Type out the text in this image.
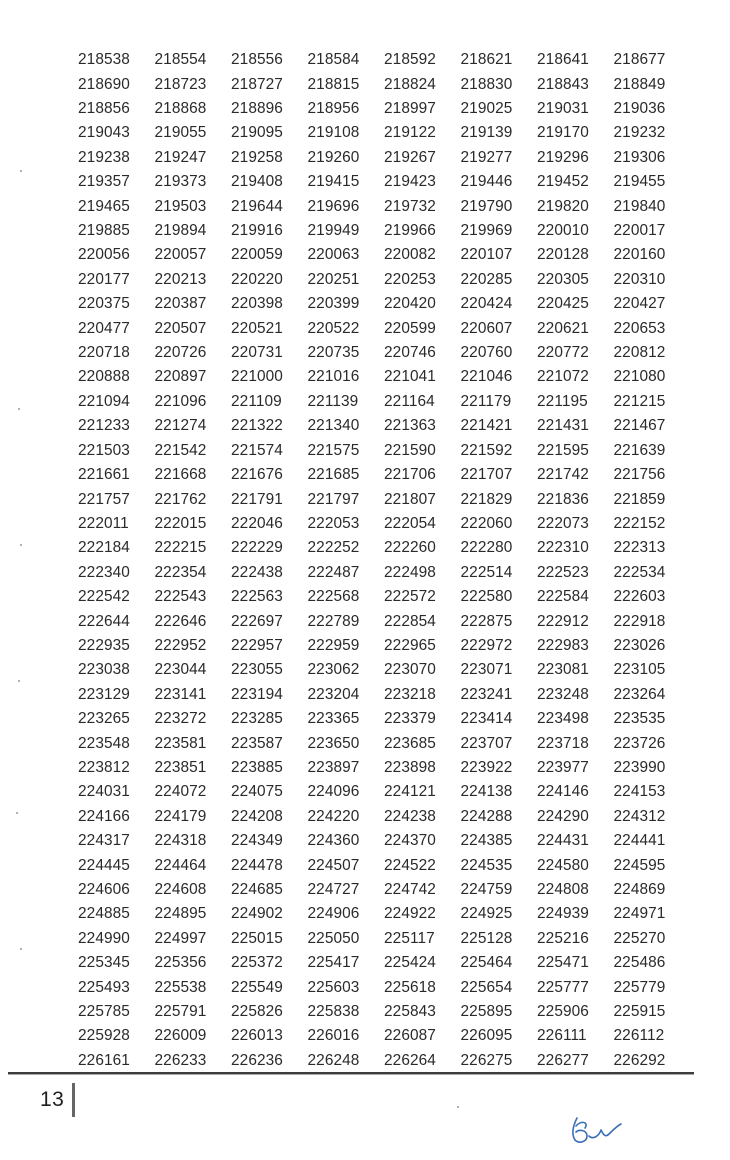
218538	218554	218556	218584	218592	218621	218641	218677
218690	218723	218727	218815	218824	218830	218843	218849
218856	218868	218896	218956	218997	219025	219031	219036
219043	219055	219095	219108	219122	219139	219170	219232
219238	219247	219258	219260	219267	219277	219296	219306
219357	219373	219408	219415	219423	219446	219452	219455
219465	219503	219644	219696	219732	219790	219820	219840
219885	219894	219916	219949	219966	219969	220010	220017
220056	220057	220059	220063	220082	220107	220128	220160
220177	220213	220220	220251	220253	220285	220305	220310
220375	220387	220398	220399	220420	220424	220425	220427
220477	220507	220521	220522	220599	220607	220621	220653
220718	220726	220731	220735	220746	220760	220772	220812
220888	220897	221000	221016	221041	221046	221072	221080
221094	221096	221109	221139	221164	221179	221195	221215
221233	221274	221322	221340	221363	221421	221431	221467
221503	221542	221574	221575	221590	221592	221595	221639
221661	221668	221676	221685	221706	221707	221742	221756
221757	221762	221791	221797	221807	221829	221836	221859
222011	222015	222046	222053	222054	222060	222073	222152
222184	222215	222229	222252	222260	222280	222310	222313
222340	222354	222438	222487	222498	222514	222523	222534
222542	222543	222563	222568	222572	222580	222584	222603
222644	222646	222697	222789	222854	222875	222912	222918
222935	222952	222957	222959	222965	222972	222983	223026
223038	223044	223055	223062	223070	223071	223081	223105
223129	223141	223194	223204	223218	223241	223248	223264
223265	223272	223285	223365	223379	223414	223498	223535
223548	223581	223587	223650	223685	223707	223718	223726
223812	223851	223885	223897	223898	223922	223977	223990
224031	224072	224075	224096	224121	224138	224146	224153
224166	224179	224208	224220	224238	224288	224290	224312
224317	224318	224349	224360	224370	224385	224431	224441
224445	224464	224478	224507	224522	224535	224580	224595
224606	224608	224685	224727	224742	224759	224808	224869
224885	224895	224902	224906	224922	224925	224939	224971
224990	224997	225015	225050	225117	225128	225216	225270
225345	225356	225372	225417	225424	225464	225471	225486
225493	225538	225549	225603	225618	225654	225777	225779
225785	225791	225826	225838	225843	225895	225906	225915
225928	226009	226013	226016	226087	226095	226111	226112
226161	226233	226236	226248	226264	226275	226277	226292
13
